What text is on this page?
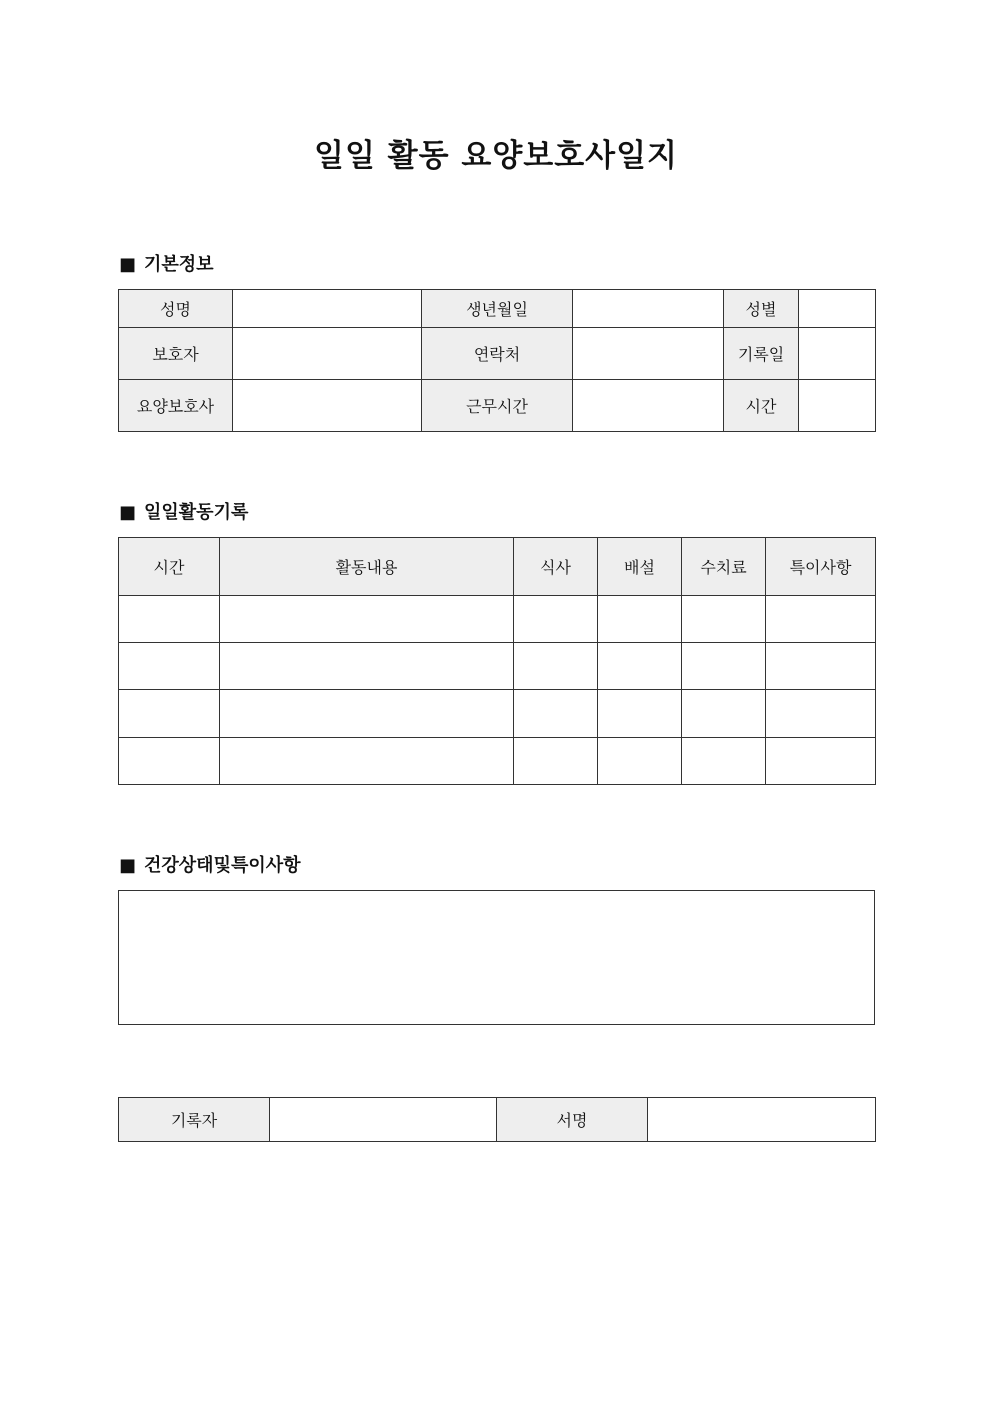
일일 활동 요양보호사일지
■ 기본정보
성명		생년월일		성별	
보호자		연락처		기록일	
요양보호사		근무시간		시간	
■ 일일활동기록
시간	활동내용	식사	배설	수치료	특이사항

■ 건강상태및특이사항
기록자		서명	
